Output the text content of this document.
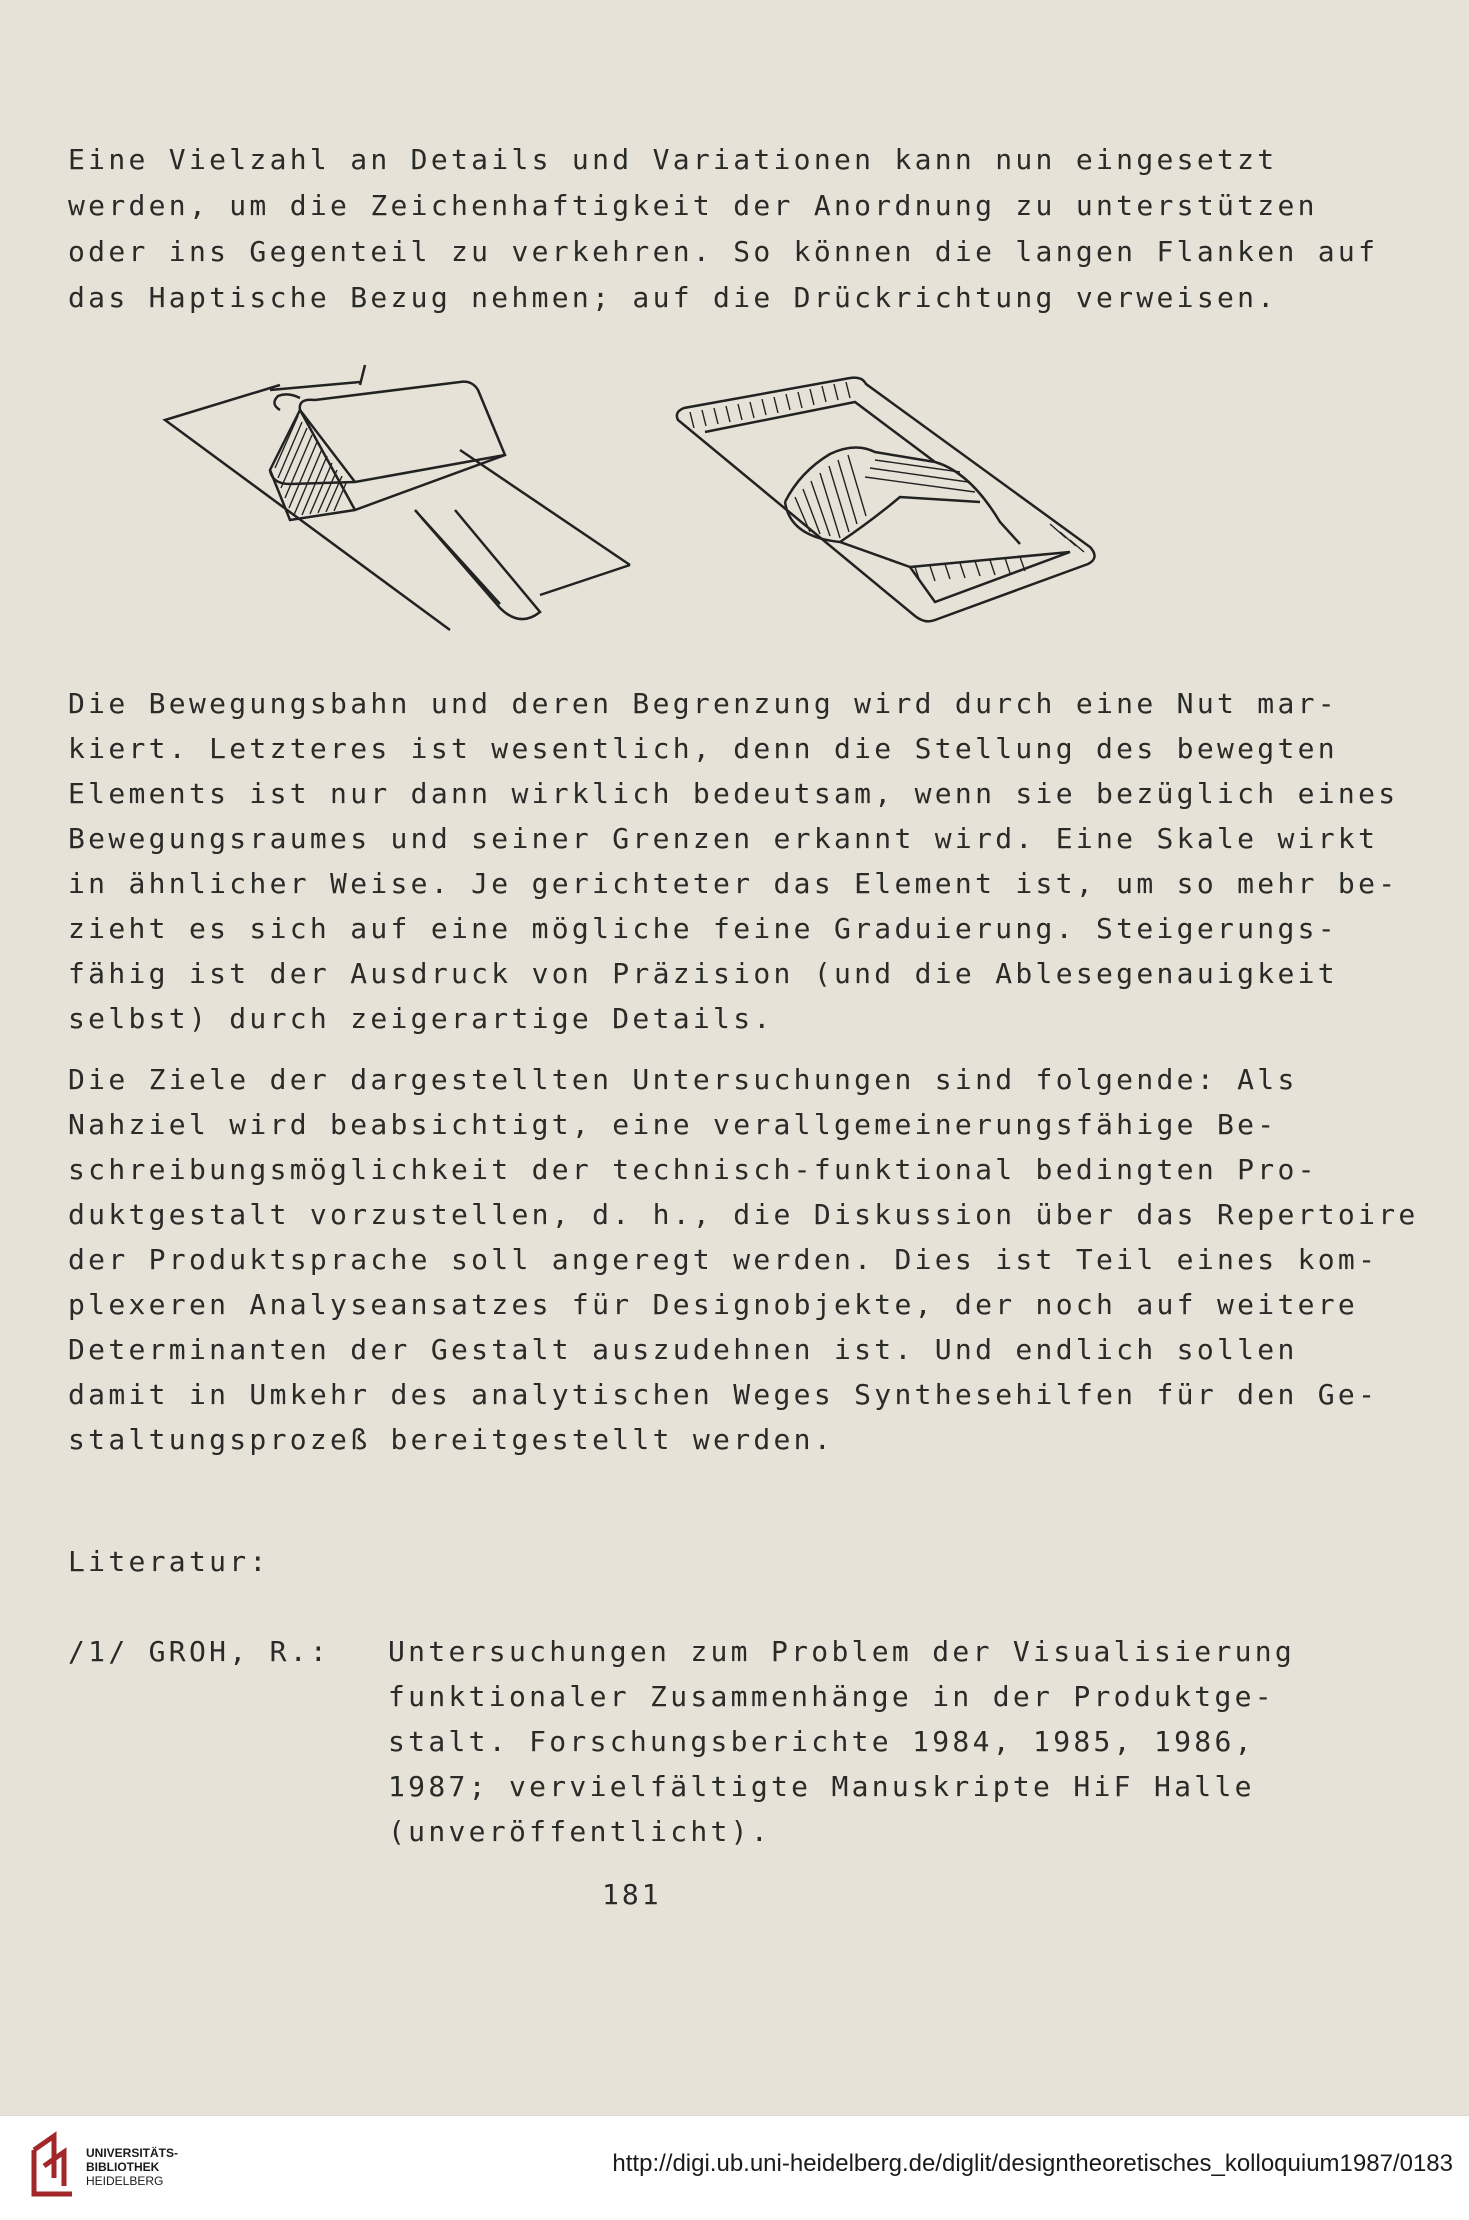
Eine Vielzahl an Details und Variationen kann nun eingesetzt
werden, um die Zeichenhaftigkeit der Anordnung zu unterstützen
oder ins Gegenteil zu verkehren. So können die langen Flanken auf
das Haptische Bezug nehmen; auf die Drückrichtung verweisen.
Die Bewegungsbahn und deren Begrenzung wird durch eine Nut mar-
kiert. Letzteres ist wesentlich, denn die Stellung des bewegten
Elements ist nur dann wirklich bedeutsam, wenn sie bezüglich eines
Bewegungsraumes und seiner Grenzen erkannt wird. Eine Skale wirkt
in ähnlicher Weise. Je gerichteter das Element ist, um so mehr be-
zieht es sich auf eine mögliche feine Graduierung. Steigerungs-
fähig ist der Ausdruck von Präzision (und die Ablesegenauigkeit
selbst) durch zeigerartige Details.
Die Ziele der dargestellten Untersuchungen sind folgende: Als
Nahziel wird beabsichtigt, eine verallgemeinerungsfähige Be-
schreibungsmöglichkeit der technisch-funktional bedingten Pro-
duktgestalt vorzustellen, d. h., die Diskussion über das Repertoire
der Produktsprache soll angeregt werden. Dies ist Teil eines kom-
plexeren Analyseansatzes für Designobjekte, der noch auf weitere
Determinanten der Gestalt auszudehnen ist. Und endlich sollen
damit in Umkehr des analytischen Weges Synthesehilfen für den Ge-
staltungsprozeß bereitgestellt werden.
Literatur:
/1/ GROH, R.: Untersuchungen zum Problem der Visualisierung
funktionaler Zusammenhänge in der Produktge-
stalt. Forschungsberichte 1984, 1985, 1986,
1987; vervielfältigte Manuskripte HiF Halle
(unveröffentlicht).
181
UNIVERSITÄTS-
BIBLIOTHEK
HEIDELBERG
http://digi.ub.uni-heidelberg.de/diglit/designtheoretisches_kolloquium1987/0183
